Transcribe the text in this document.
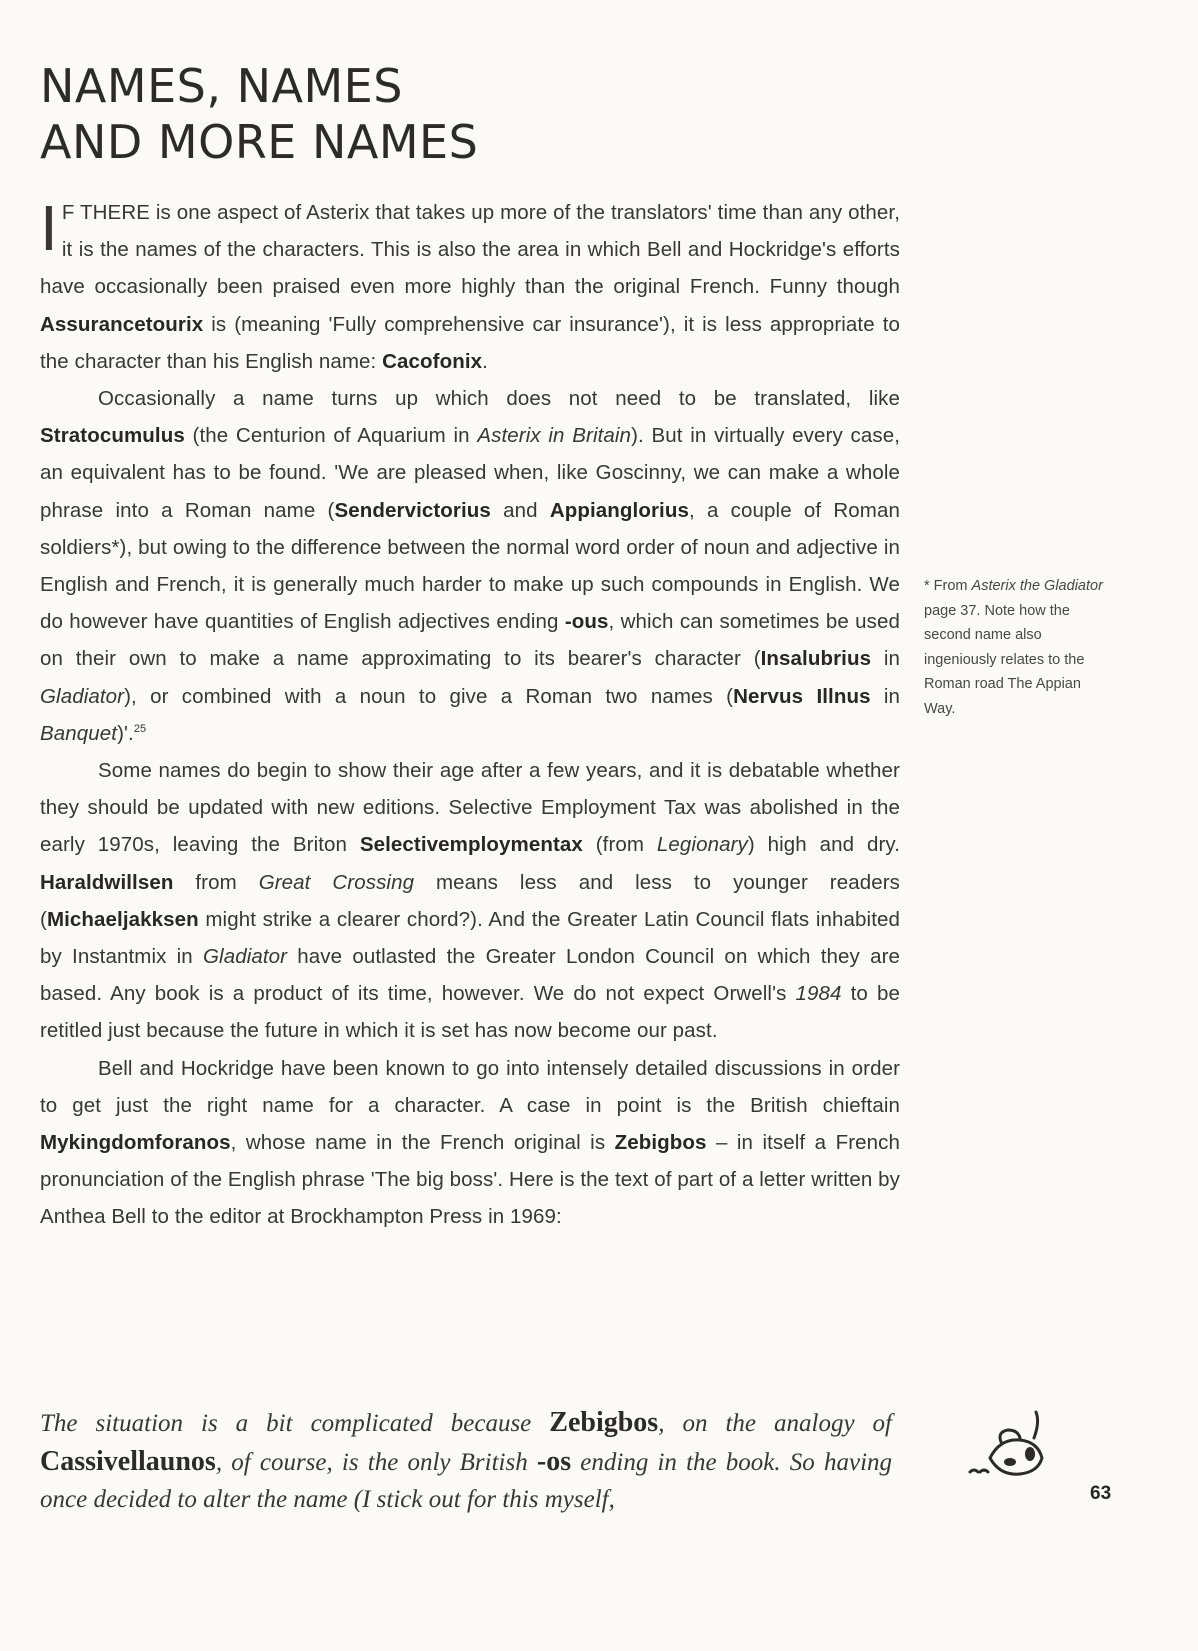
NAMES, NAMES
AND MORE NAMES

I F THERE is one aspect of Asterix that takes up more of the translators' time than any other, it is the names of the characters. This is also the area in which Bell and Hockridge's efforts have occasionally been praised even more highly than the original French. Funny though Assurancetourix is (meaning 'Fully comprehensive car insurance'), it is less appropriate to the character than his English name: Cacofonix.

Occasionally a name turns up which does not need to be translated, like Stratocumulus (the Centurion of Aquarium in Asterix in Britain). But in virtually every case, an equivalent has to be found. 'We are pleased when, like Goscinny, we can make a whole phrase into a Roman name (Sendervictorius and Appianglorius, a couple of Roman soldiers*), but owing to the difference between the normal word order of noun and adjective in English and French, it is generally much harder to make up such compounds in English. We do however have quantities of English adjectives ending -ous, which can sometimes be used on their own to make a name approximating to its bearer's character (Insalubrius in Gladiator), or combined with a noun to give a Roman two names (Nervus Illnus in Banquet)'.$^{25}$

Some names do begin to show their age after a few years, and it is debatable whether they should be updated with new editions. Selective Employment Tax was abolished in the early 1970s, leaving the Briton Selectivemploymentax (from Legionary) high and dry. Haraldwillsen from Great Crossing means less and less to younger readers (Michaeljakksen might strike a clearer chord?). And the Greater Latin Council flats inhabited by Instantmix in Gladiator have outlasted the Greater London Council on which they are based. Any book is a product of its time, however. We do not expect Orwell's 1984 to be retitled just because the future in which it is set has now become our past.

Bell and Hockridge have been known to go into intensely detailed discussions in order to get just the right name for a character. A case in point is the British chieftain Mykingdomforanos, whose name in the French original is Zebigbos – in itself a French pronunciation of the English phrase 'The big boss'. Here is the text of part of a letter written by Anthea Bell to the editor at Brockhampton Press in 1969:

The situation is a bit complicated because Zebigbos, on the analogy of Cassivellaunos, of course, is the only British -os ending in the book. So having once decided to alter the name (I stick out for this myself,
* From Asterix the Gladiator page 37. Note how the second name also ingeniously relates to the Roman road The Appian Way.
63
